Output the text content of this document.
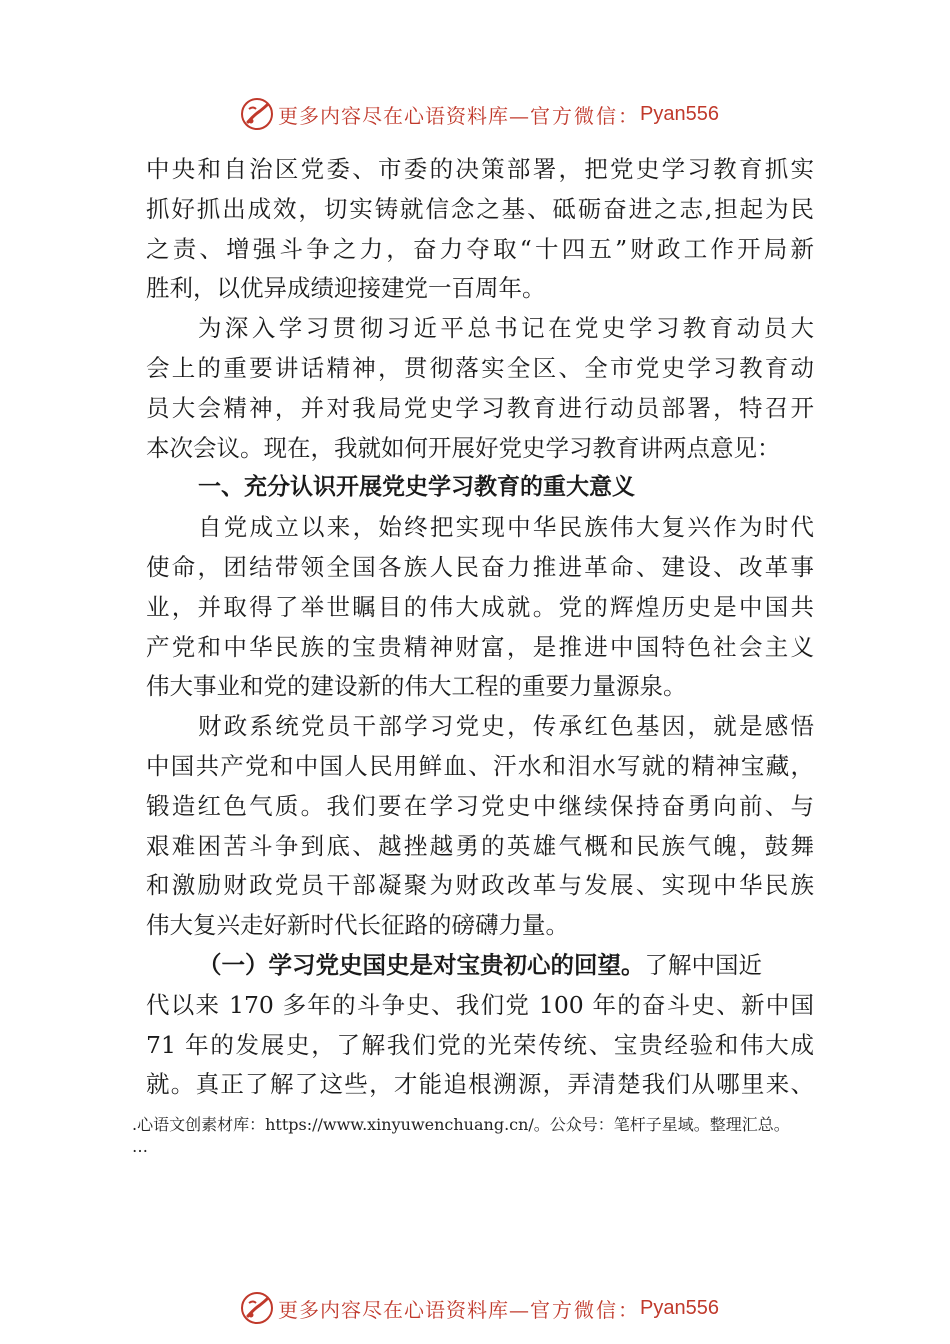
更多内容尽在心语资料库— 官方微信： Pyan556

中央和自治区党委、市委的决策部署，把党史学习教育抓实
抓好抓出成效，切实铸就信念之基、砥砺奋进之志,担起为民
之责、增强斗争之力，奋力夺取“十四五”财政工作开局新
胜利，以优异成绩迎接建党一百周年。

为深入学习贯彻习近平总书记在党史学习教育动员大
会上的重要讲话精神，贯彻落实全区、全市党史学习教育动
员大会精神，并对我局党史学习教育进行动员部署，特召开
本次会议。现在，我就如何开展好党史学习教育讲两点意见：

一、充分认识开展党史学习教育的重大意义

自党成立以来，始终把实现中华民族伟大复兴作为时代
使命，团结带领全国各族人民奋力推进革命、建设、改革事
业，并取得了举世瞩目的伟大成就。党的辉煌历史是中国共
产党和中华民族的宝贵精神财富，是推进中国特色社会主义
伟大事业和党的建设新的伟大工程的重要力量源泉。

财政系统党员干部学习党史，传承红色基因，就是感悟
中国共产党和中国人民用鲜血、汗水和泪水写就的精神宝藏，
锻造红色气质。我们要在学习党史中继续保持奋勇向前、与
艰难困苦斗争到底、越挫越勇的英雄气概和民族气魄，鼓舞
和激励财政党员干部凝聚为财政改革与发展、实现中华民族
伟大复兴走好新时代长征路的磅礴力量。

（一）学习党史国史是对宝贵初心的回望。了解中国近
代以来 170 多年的斗争史、我们党 100 年的奋斗史、新中国
71 年的发展史，了解我们党的光荣传统、宝贵经验和伟大成
就。真正了解了这些，才能追根溯源，弄清楚我们从哪里来、

.心语文创素材库：https://www.xinyuwenchuang.cn/。公众号：笔杆子星域。整理汇总。
…
更多内容尽在心语资料库— 官方微信： Pyan556
